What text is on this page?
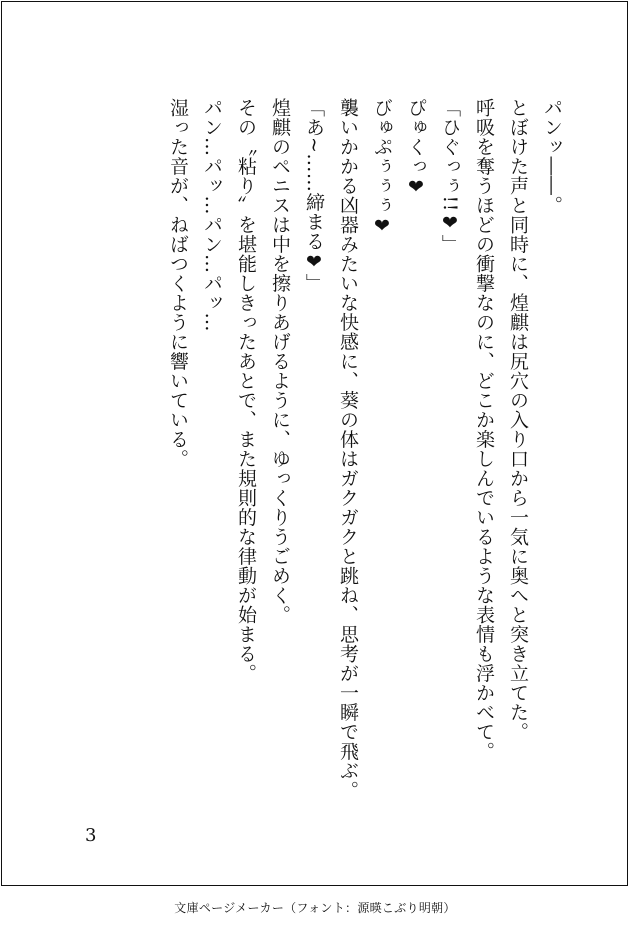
パンッ――。
とぼけた声と同時に、煌麒は尻穴の入り口から一気に奥へと突き立てた。
呼吸を奪うほどの衝撃なのに、どこか楽しんでいるような表情も浮かべて。
「ひぐっぅ!!❤」
ぴゅくっ❤
びゅぷぅぅぅ❤
襲いかかる凶器みたいな快感に、葵の体はガクガクと跳ね、思考が一瞬で飛ぶ。
「あ~……締まる❤」
煌麒のペニスは中を擦りあげるように、ゆっくりうごめく。
その〝粘り〟を堪能しきったあとで、また規則的な律動が始まる。
パン…パッ…パン…パッ…
湿った音が、ねばつくように響いている。
3
文庫ページメーカー（フォント：源暎こぶり明朝）
